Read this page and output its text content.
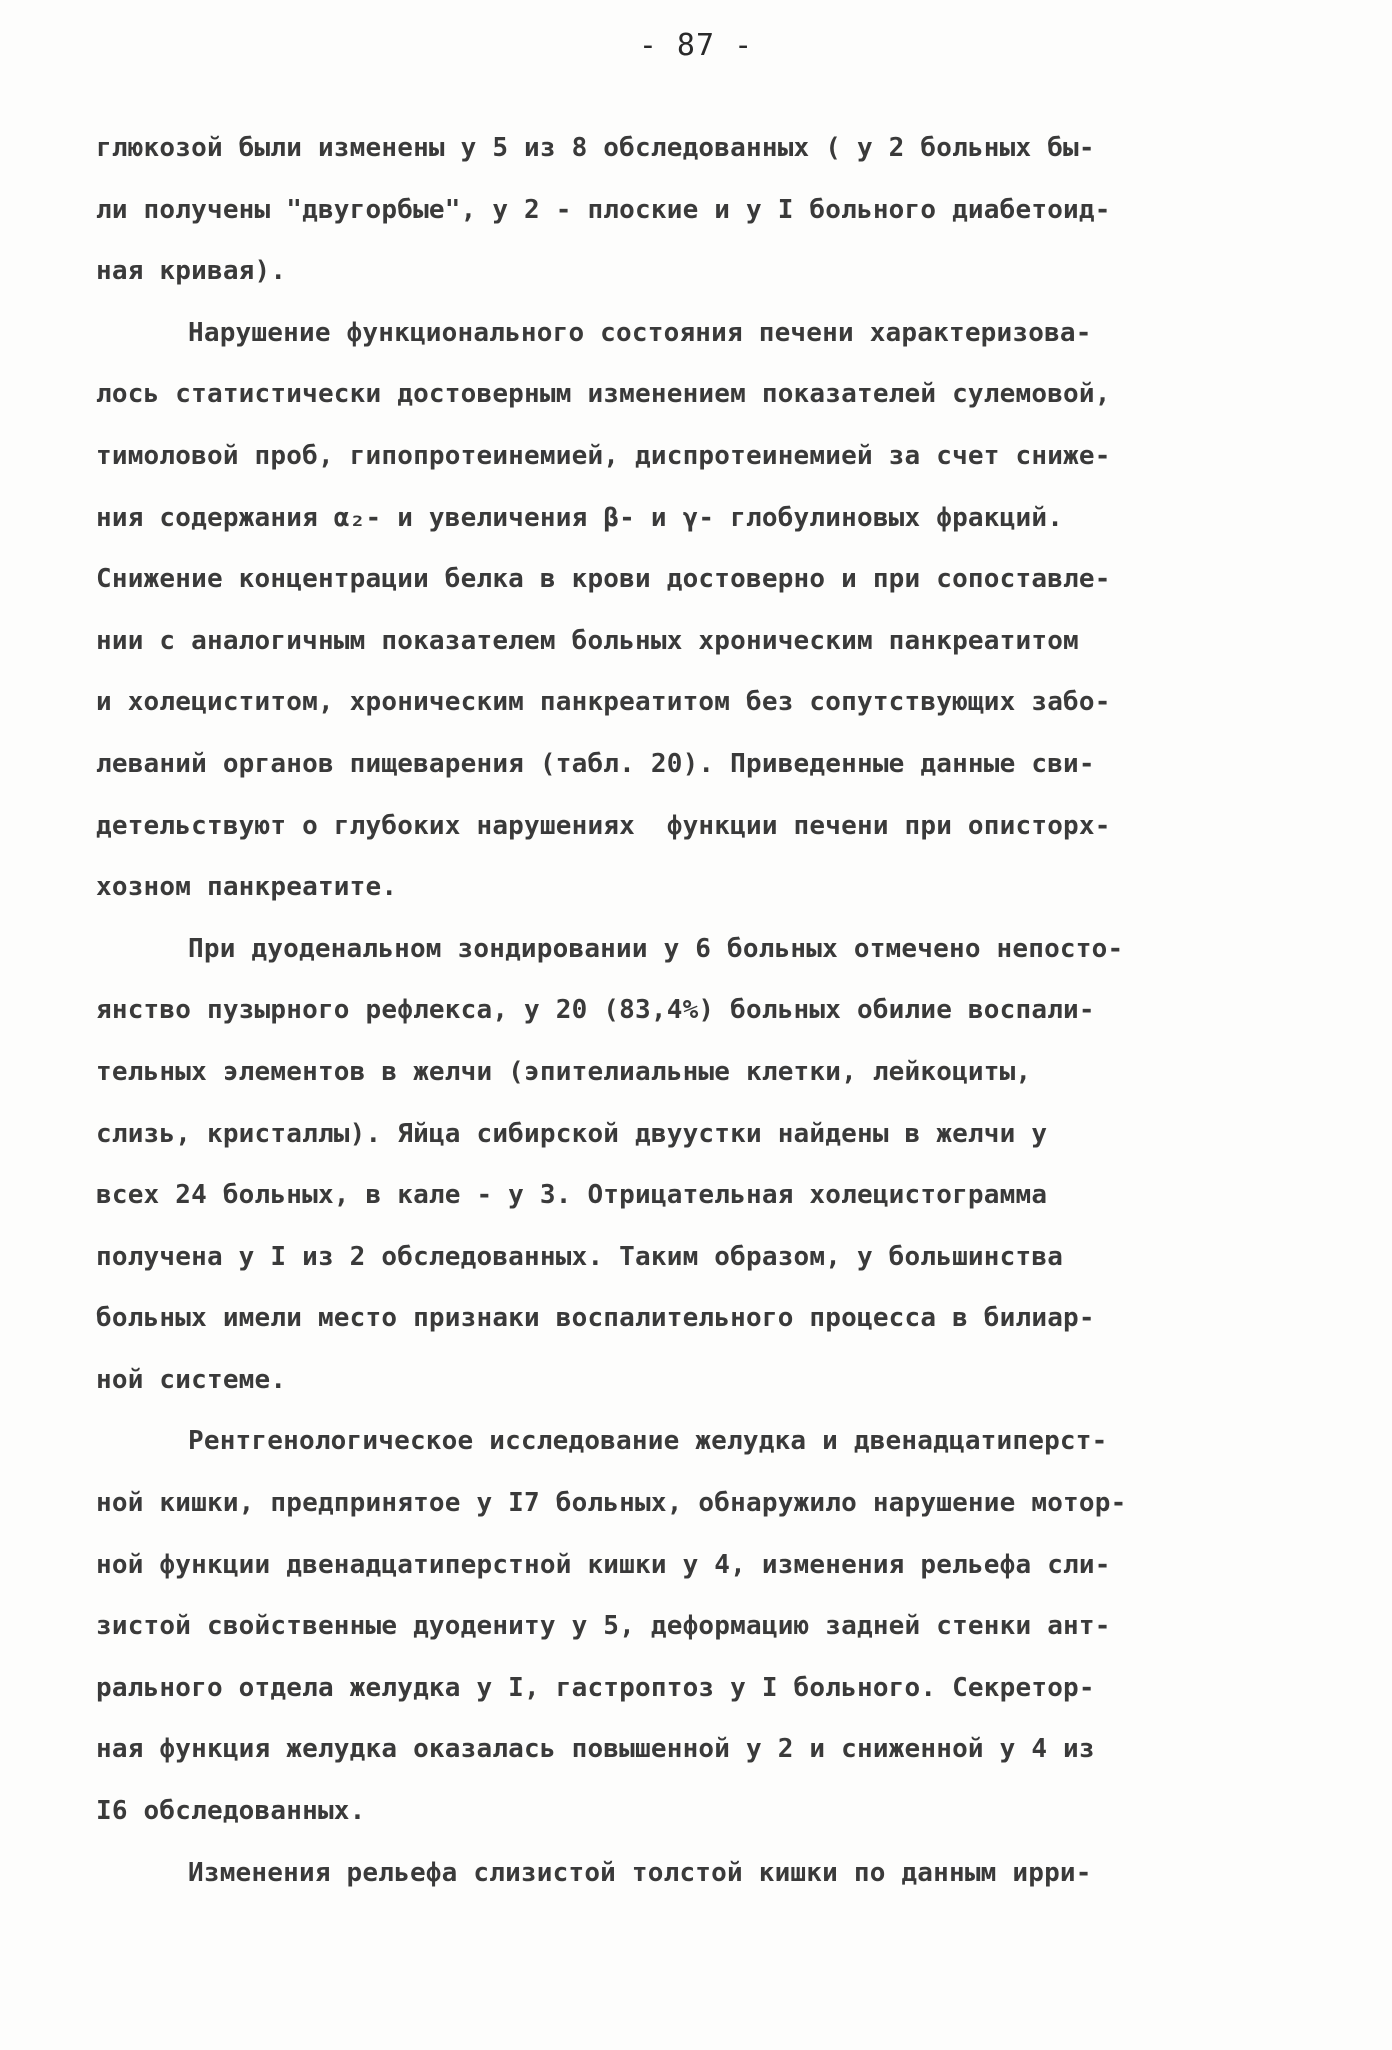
- 87 -
глюкозой были изменены у 5 из 8 обследованных ( у 2 больных бы-
ли получены "двугорбые", у 2 - плоские и у I больного диабетоид-
ная кривая).
Нарушение функционального состояния печени характеризова-
лось статистически достоверным изменением показателей сулемовой,
тимоловой проб, гипопротеинемией, диспротеинемией за счет сниже-
ния содержания α₂- и увеличения β- и γ- глобулиновых фракций.
Снижение концентрации белка в крови достоверно и при сопоставле-
нии с аналогичным показателем больных хроническим панкреатитом
и холециститом, хроническим панкреатитом без сопутствующих забо-
леваний органов пищеварения (табл. 20). Приведенные данные сви-
детельствуют о глубоких нарушениях  функции печени при описторх-
хозном панкреатите.
При дуоденальном зондировании у 6 больных отмечено непосто-
янство пузырного рефлекса, у 20 (83,4%) больных обилие воспали-
тельных элементов в желчи (эпителиальные клетки, лейкоциты,
слизь, кристаллы). Яйца сибирской двуустки найдены в желчи у
всех 24 больных, в кале - у 3. Отрицательная холецистограмма
получена у I из 2 обследованных. Таким образом, у большинства
больных имели место признаки воспалительного процесса в билиар-
ной системе.
Рентгенологическое исследование желудка и двенадцатиперст-
ной кишки, предпринятое у I7 больных, обнаружило нарушение мотор-
ной функции двенадцатиперстной кишки у 4, изменения рельефа сли-
зистой свойственные дуодениту у 5, деформацию задней стенки ант-
рального отдела желудка у I, гастроптоз у I больного. Секретор-
ная функция желудка оказалась повышенной у 2 и сниженной у 4 из
I6 обследованных.
Изменения рельефа слизистой толстой кишки по данным ирри-
